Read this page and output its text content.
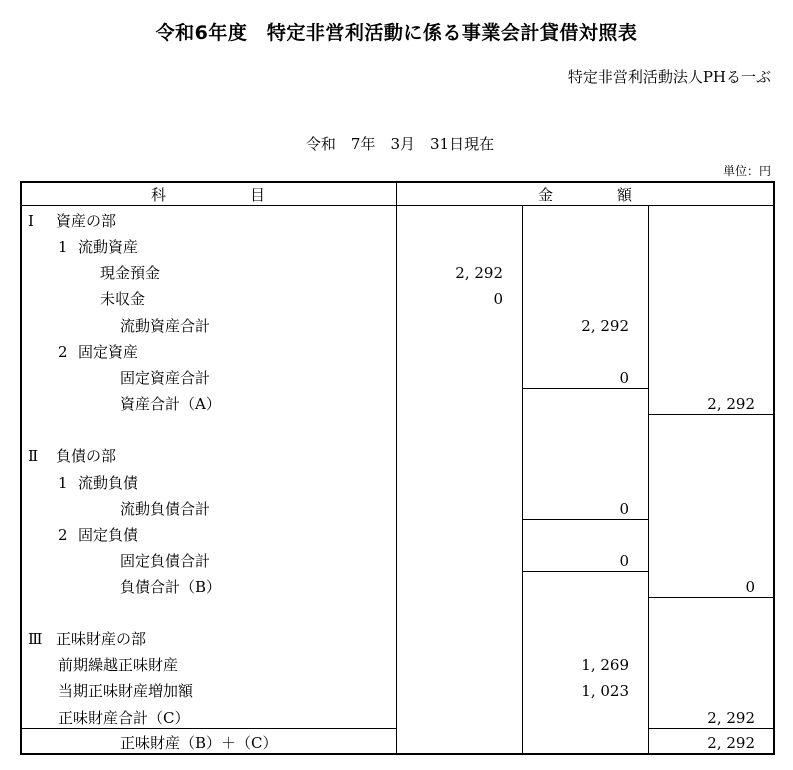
令和6年度　特定非営利活動に係る事業会計貸借対照表
特定非営利活動法人PHる一ぶ
令和　7年　3月　31日現在
単位：円
科	目	金	額
Ⅰ 資産の部
1 流動資産
現金預金	2, 292
未収金	0
流動資産合計	2, 292
2 固定資産
固定資産合計	0
資産合計（A）	2, 292
Ⅱ 負債の部
1 流動負債
流動負債合計	0
2 固定負債
固定負債合計	0
負債合計（B）	0
Ⅲ 正味財産の部
前期繰越正味財産	1, 269
当期正味財産増加額	1, 023
正味財産合計（C）	2, 292
正味財産（B）＋（C）	2, 292
